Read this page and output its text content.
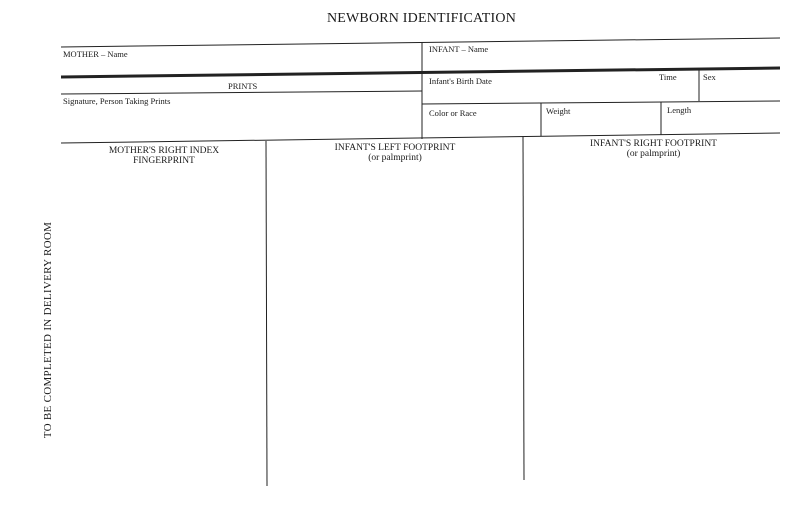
NEWBORN IDENTIFICATION
MOTHER – Name	INFANT – Name
PRINTS
Signature, Person Taking Prints
Infant's Birth Date	Time	Sex
Color or Race	Weight	Length
MOTHER'S RIGHT INDEX
FINGERPRINT
INFANT'S LEFT FOOTPRINT
(or palmprint)
INFANT'S RIGHT FOOTPRINT
(or palmprint)
TO BE COMPLETED IN DELIVERY ROOM
